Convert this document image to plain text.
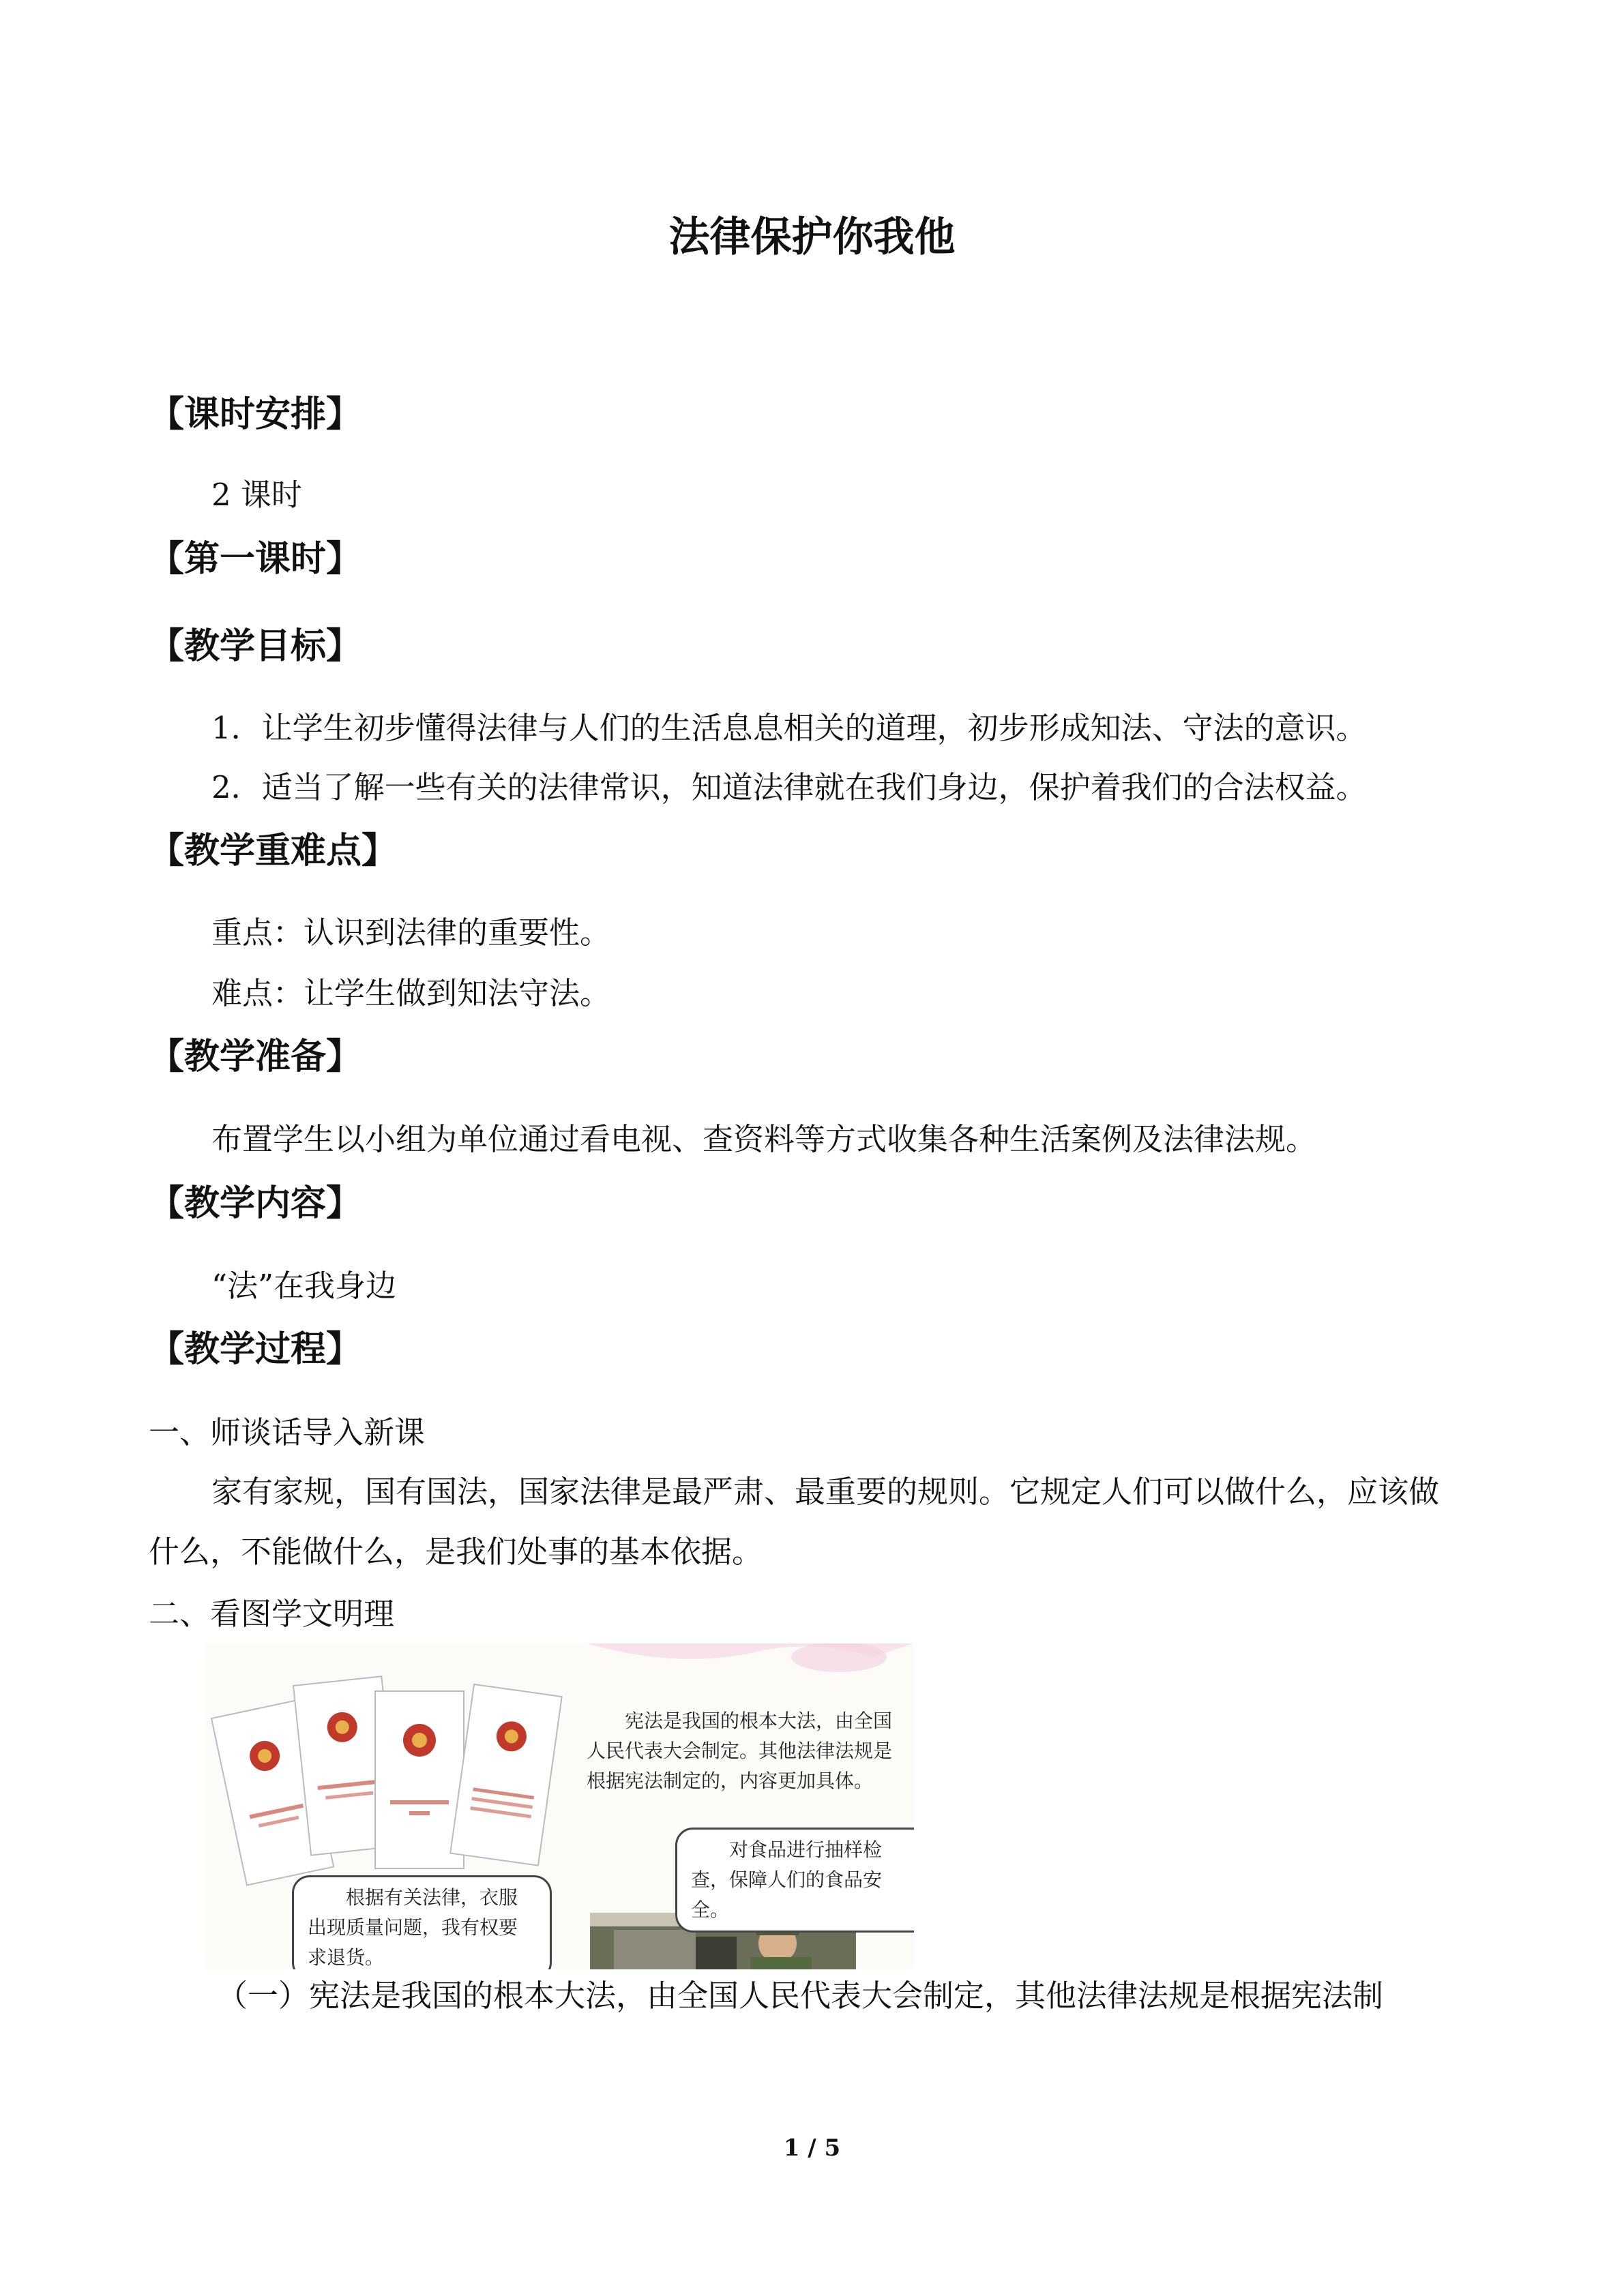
法律保护你我他
【课时安排】
2 课时
【第一课时】
【教学目标】
1．让学生初步懂得法律与人们的生活息息相关的道理，初步形成知法、守法的意识。
2．适当了解一些有关的法律常识，知道法律就在我们身边，保护着我们的合法权益。
【教学重难点】
重点：认识到法律的重要性。
难点：让学生做到知法守法。
【教学准备】
布置学生以小组为单位通过看电视、查资料等方式收集各种生活案例及法律法规。
【教学内容】
“法”在我身边
【教学过程】
一、师谈话导入新课
家有家规，国有国法，国家法律是最严肃、最重要的规则。它规定人们可以做什么，应该做什么，不能做什么，是我们处事的基本依据。
二、看图学文明理
宪法是我国的根本大法，由全国人民代表大会制定。其他法律法规是根据宪法制定的，内容更加具体。
对食品进行抽样检查，保障人们的食品安全。
根据有关法律，衣服出现质量问题，我有权要求退货。
（一）宪法是我国的根本大法，由全国人民代表大会制定，其他法律法规是根据宪法制
1 / 5
